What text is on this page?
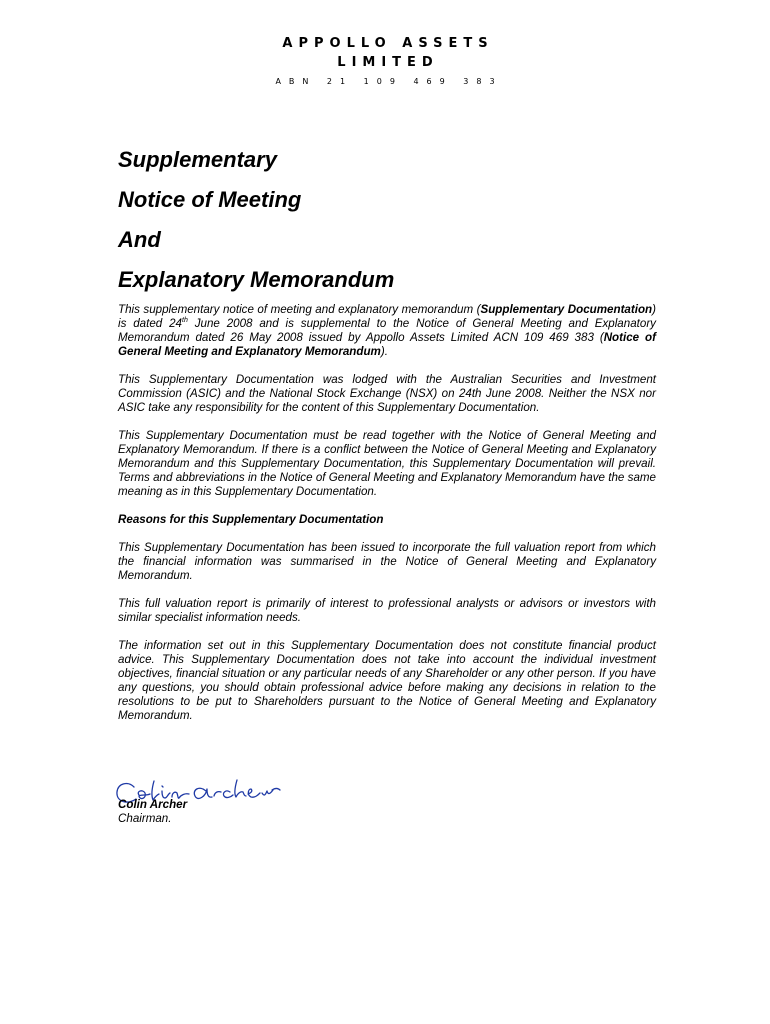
APPOLLO ASSETS

LIMITED

ABN 21 109 469 383

Supplementary

Notice of Meeting

And

Explanatory Memorandum

This supplementary notice of meeting and explanatory memorandum (Supplementary Documentation) is dated 24th June 2008 and is supplemental to the Notice of General Meeting and Explanatory Memorandum dated 26 May 2008 issued by Appollo Assets Limited ACN 109 469 383 (Notice of General Meeting and Explanatory Memorandum).

This Supplementary Documentation was lodged with the Australian Securities and Investment Commission (ASIC) and the National Stock Exchange (NSX) on 24th June 2008. Neither the NSX nor ASIC take any responsibility for the content of this Supplementary Documentation.

This Supplementary Documentation must be read together with the Notice of General Meeting and Explanatory Memorandum. If there is a conflict between the Notice of General Meeting and Explanatory Memorandum and this Supplementary Documentation, this Supplementary Documentation will prevail. Terms and abbreviations in the Notice of General Meeting and Explanatory Memorandum have the same meaning as in this Supplementary Documentation.

Reasons for this Supplementary Documentation

This Supplementary Documentation has been issued to incorporate the full valuation report from which the financial information was summarised in the Notice of General Meeting and Explanatory Memorandum.

This full valuation report is primarily of interest to professional analysts or advisors or investors with similar specialist information needs.

The information set out in this Supplementary Documentation does not constitute financial product advice. This Supplementary Documentation does not take into account the individual investment objectives, financial situation or any particular needs of any Shareholder or any other person. If you have any questions, you should obtain professional advice before making any decisions in relation to the resolutions to be put to Shareholders pursuant to the Notice of General Meeting and Explanatory Memorandum.

Colin Archer
Chairman.
